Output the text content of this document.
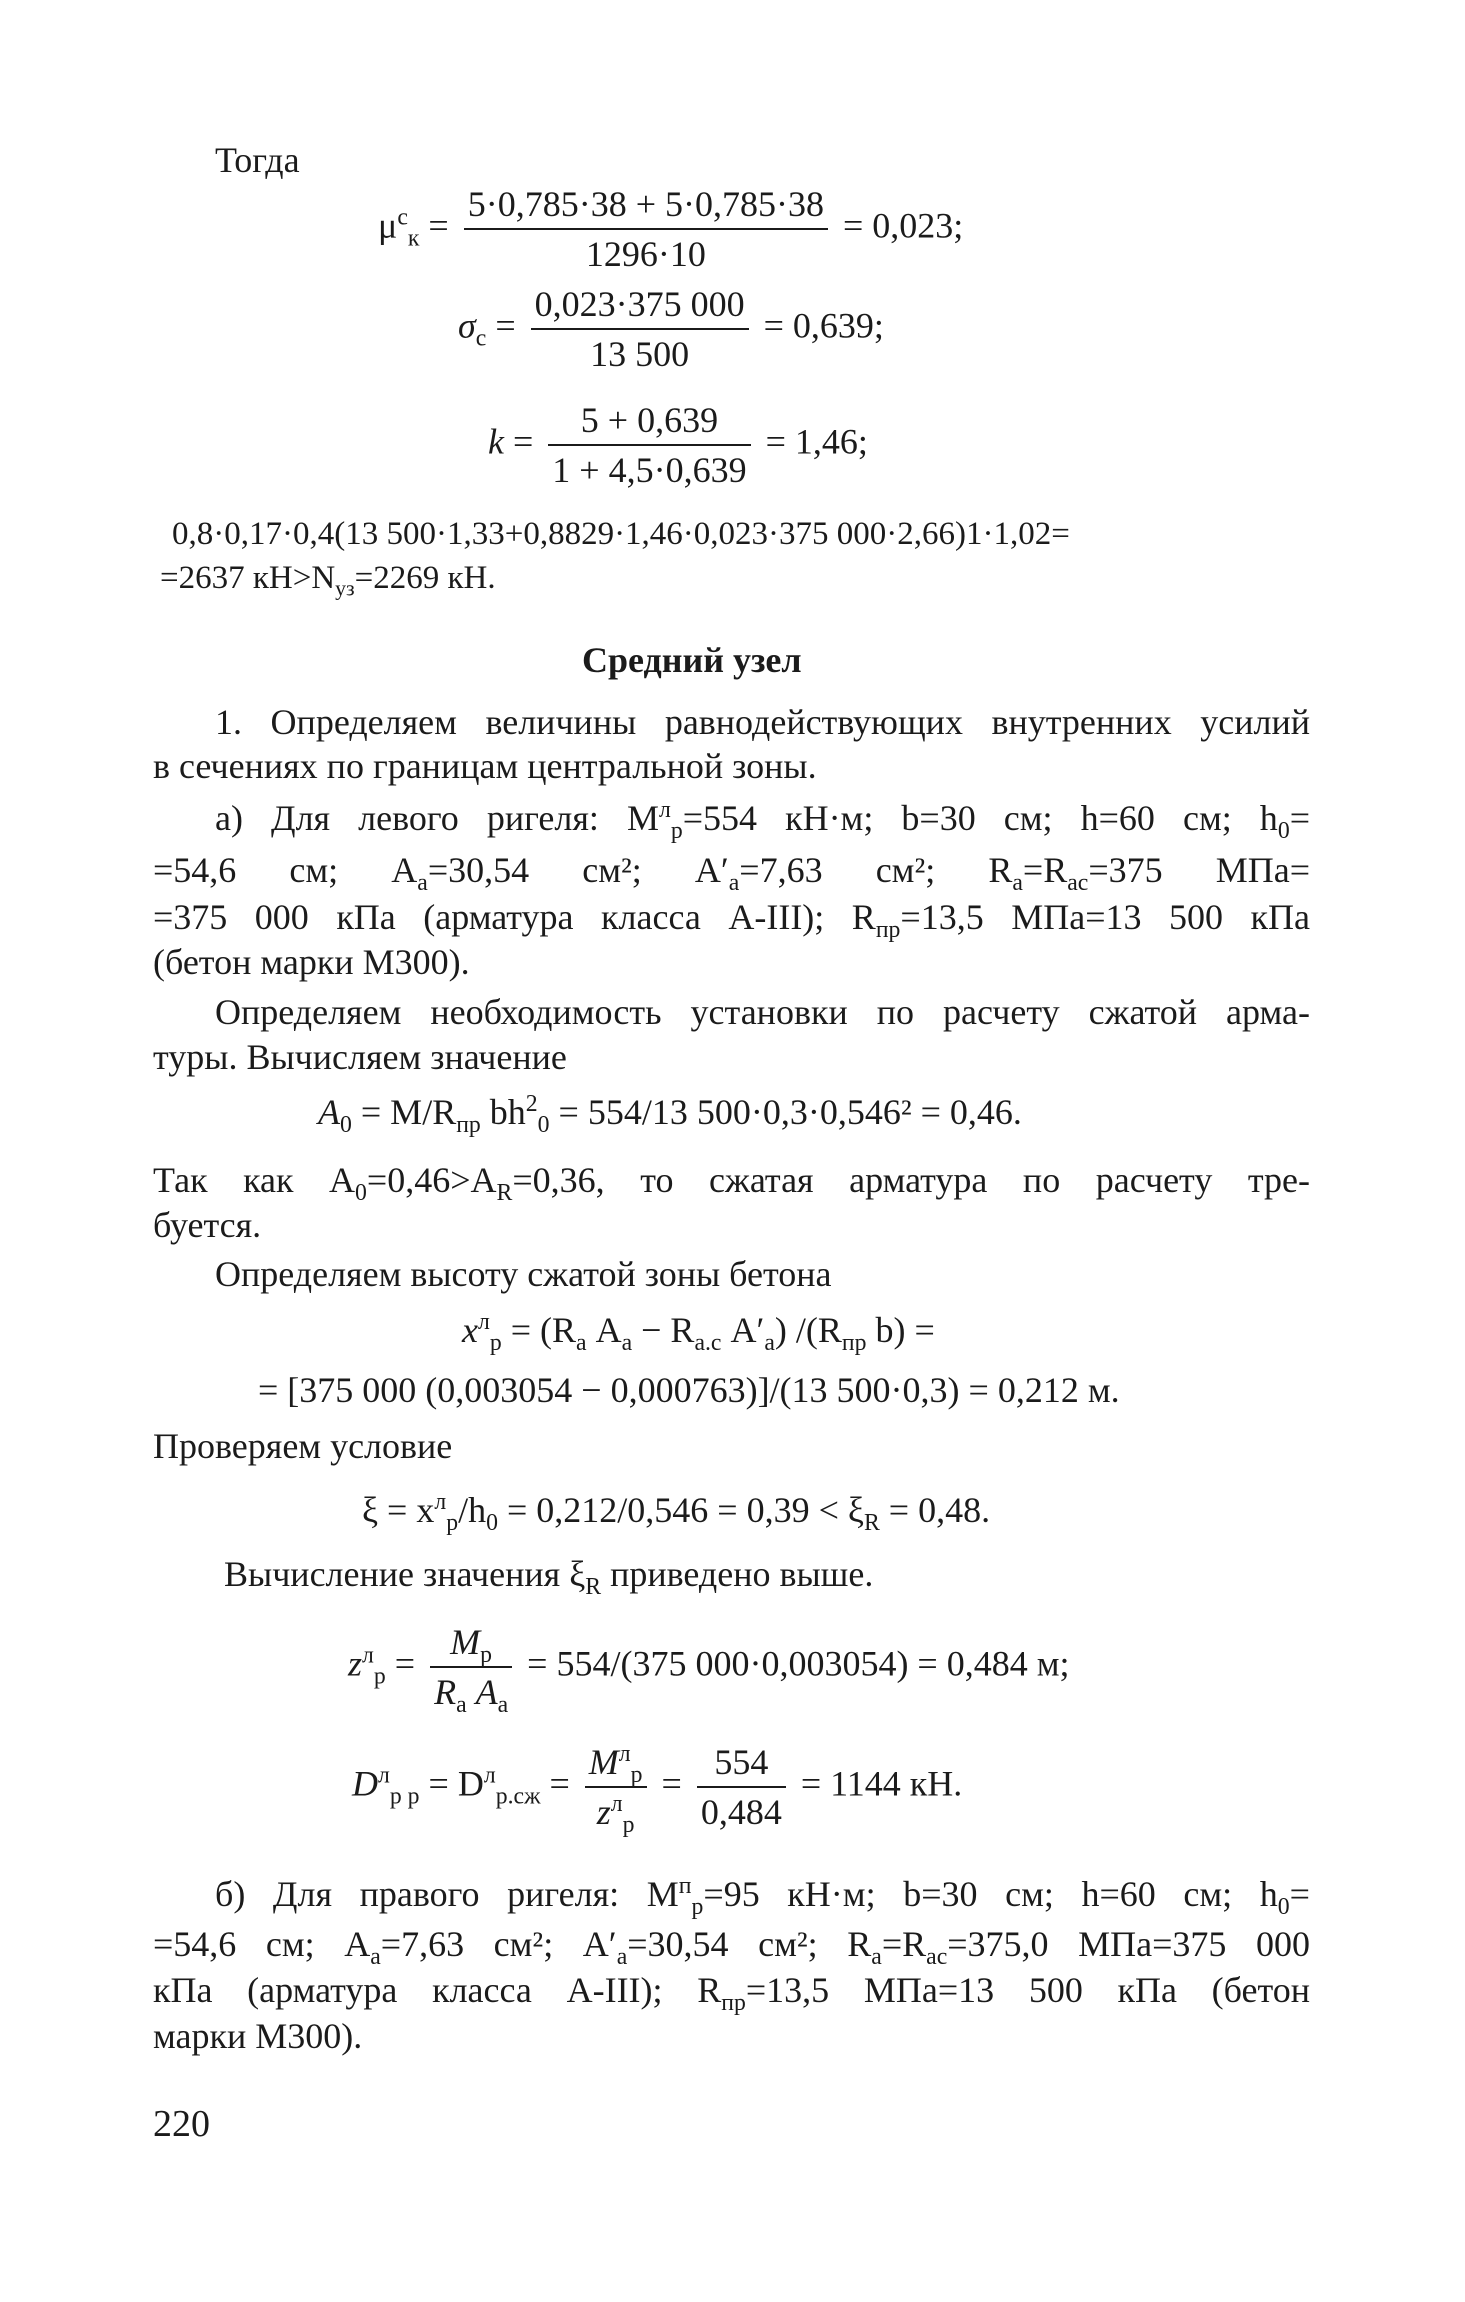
Тогда
$\mu^с_к = \frac{5\cdot 0,785\cdot 38 + 5\cdot 0,785\cdot 38}{1296\cdot 10} = 0,023$;
$\sigma_с = \frac{0,023\cdot 375 000}{13 500} = 0,639$;
$k = \frac{5 + 0,639}{1 + 4,5\cdot 0,639} = 1,46$;
0,8·0,17·0,4(13 500·1,33+0,8829·1,46·0,023·375 000·2,66)1·1,02=
=2637 $кН>N_{уз}=2269$ кН.
Средний узел
1. Определяем величины равнодействующих внутренних усилий
в сечениях по границам центральной зоны.
а) Для левого ригеля: $M^л_р=554$ кН·м; b=30 см; h=60 см; $h_0=$
=54,6 см; $A_а=30,54$ см²; $A'_а=7,63$ см²; $R_а=R_{ас}=375$ МПа=
=375 000 кПа (арматура класса А-III); $R_{пр}=13,5$ МПа=13 500 кПа
(бетон марки М300).
Определяем необходимость установки по расчету сжатой арма-
туры. Вычисляем значение
$A_0 = M/R_{пр}$ $bh^2_0 = 554/13$ 500·0,3·0,546² = 0,46.
Так как $A_0=0,46>A_R=0,36$, то сжатая арматура по расчету тре-
буется.
Определяем высоту сжатой зоны бетона
$x^л_р = (R_а$ $A_а - R_{а.с}$ $A'_а$) $/(R_{пр}$ b) =
= [375 000 (0,003054 − 0,000763)]/(13 500·0,3) = 0,212 м.
Проверяем условие
$\xi = x^л_р/h_0 = 0,212/0,546 = 0,39 < \xi_R = 0,48$.
Вычисление значения $\xi_R$ приведено выше.
$z^л_р = \frac{M_р}{R_а A_а} = 554/(375$ 000·0,003054) = 0,484 м;
$D^л_{р р} = D^л_{р.сж} = \frac{M^л_р}{z^л_р} = \frac{554}{0,484} = 1144$ кН.
б) Для правого ригеля: $M^п_р=95$ кН·м; b=30 см; h=60 см; $h_0=$
=54,6 см; $A_а=7,63$ см²; $A'_а=30,54$ см²; $R_а=R_{ас}=375,0$ МПа=375 000
кПа (арматура класса А-III); $R_{пр}=13,5$ МПа=13 500 кПа (бетон
марки М300).
220
